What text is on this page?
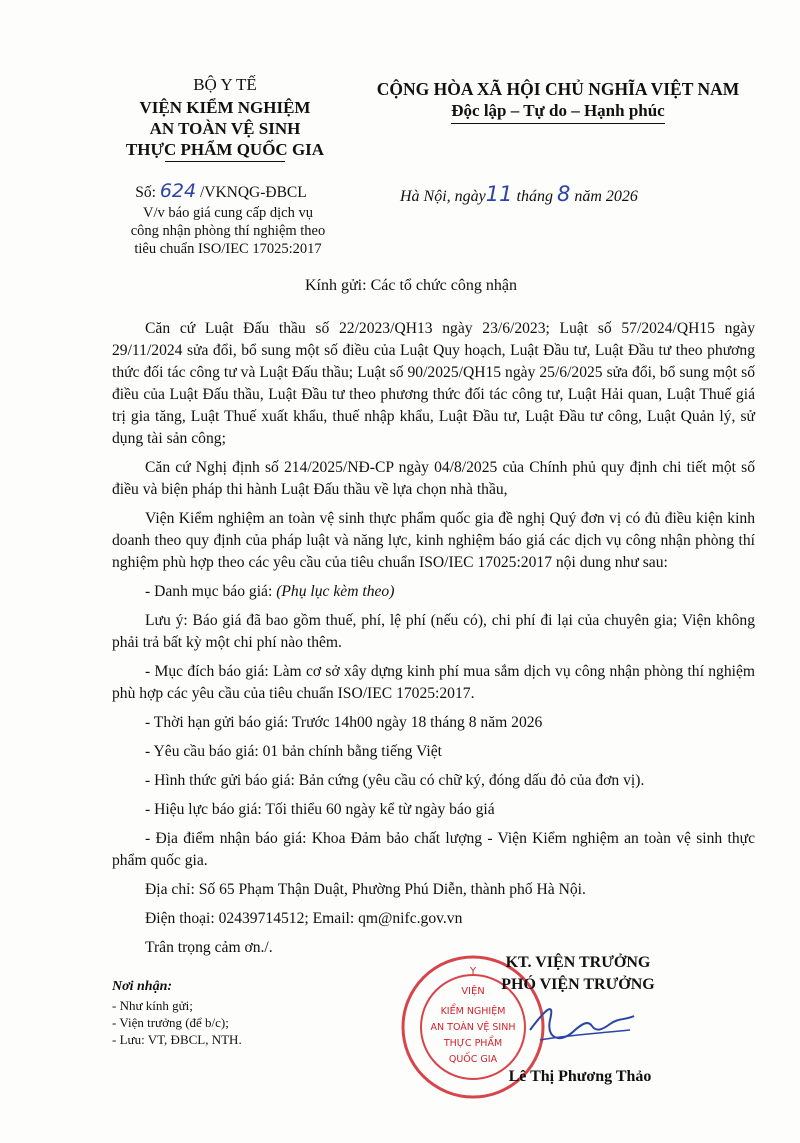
BỘ Y TẾ
VIỆN KIỂM NGHIỆM
AN TOÀN VỆ SINH
THỰC PHẨM QUỐC GIA
CỘNG HÒA XÃ HỘI CHỦ NGHĨA VIỆT NAM
Độc lập – Tự do – Hạnh phúc
Số: 624 /VKNQG-ĐBCL
V/v báo giá cung cấp dịch vụ
công nhận phòng thí nghiệm theo
tiêu chuẩn ISO/IEC 17025:2017
Hà Nội, ngày11 tháng 8 năm 2026
Kính gửi: Các tổ chức công nhận

Căn cứ Luật Đấu thầu số 22/2023/QH13 ngày 23/6/2023; Luật số 57/2024/QH15 ngày 29/11/2024 sửa đổi, bổ sung một số điều của Luật Quy hoạch, Luật Đầu tư, Luật Đầu tư theo phương thức đối tác công tư và Luật Đấu thầu; Luật số 90/2025/QH15 ngày 25/6/2025 sửa đổi, bổ sung một số điều của Luật Đấu thầu, Luật Đầu tư theo phương thức đối tác công tư, Luật Hải quan, Luật Thuế giá trị gia tăng, Luật Thuế xuất khẩu, thuế nhập khẩu, Luật Đầu tư, Luật Đầu tư công, Luật Quản lý, sử dụng tài sản công;

Căn cứ Nghị định số 214/2025/NĐ-CP ngày 04/8/2025 của Chính phủ quy định chi tiết một số điều và biện pháp thi hành Luật Đấu thầu về lựa chọn nhà thầu,

Viện Kiểm nghiệm an toàn vệ sinh thực phẩm quốc gia đề nghị Quý đơn vị có đủ điều kiện kinh doanh theo quy định của pháp luật và năng lực, kinh nghiệm báo giá các dịch vụ công nhận phòng thí nghiệm phù hợp theo các yêu cầu của tiêu chuẩn ISO/IEC 17025:2017 nội dung như sau:

- Danh mục báo giá: (Phụ lục kèm theo)

Lưu ý: Báo giá đã bao gồm thuế, phí, lệ phí (nếu có), chi phí đi lại của chuyên gia; Viện không phải trả bất kỳ một chi phí nào thêm.

- Mục đích báo giá: Làm cơ sở xây dựng kinh phí mua sắm dịch vụ công nhận phòng thí nghiệm phù hợp các yêu cầu của tiêu chuẩn ISO/IEC 17025:2017.

- Thời hạn gửi báo giá: Trước 14h00 ngày 18 tháng 8 năm 2026

- Yêu cầu báo giá: 01 bản chính bằng tiếng Việt

- Hình thức gửi báo giá: Bản cứng (yêu cầu có chữ ký, đóng dấu đỏ của đơn vị).

- Hiệu lực báo giá: Tối thiểu 60 ngày kể từ ngày báo giá

- Địa điểm nhận báo giá: Khoa Đảm bảo chất lượng - Viện Kiểm nghiệm an toàn vệ sinh thực phẩm quốc gia.

Địa chỉ: Số 65 Phạm Thận Duật, Phường Phú Diễn, thành phố Hà Nội.

Điện thoại: 02439714512; Email: qm@nifc.gov.vn

Trân trọng cảm ơn./.

Nơi nhận:
- Như kính gửi;
- Viện trưởng (để b/c);
- Lưu: VT, ĐBCL, NTH.
Y
VIỆN
KIỂM NGHIỆM
AN TOÀN VỆ SINH
THỰC PHẨM
QUỐC GIA
KT. VIỆN TRƯỞNG
PHÓ VIỆN TRƯỞNG
Lê Thị Phương Thảo
